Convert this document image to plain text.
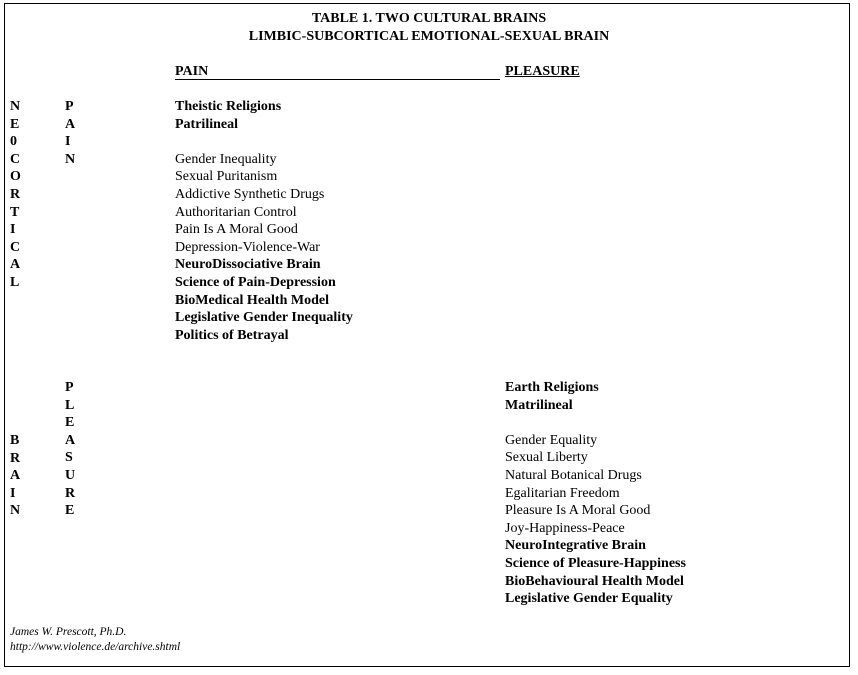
TABLE 1. TWO CULTURAL BRAINS
LIMBIC-SUBCORTICAL EMOTIONAL-SEXUAL BRAIN
PAIN	PLEASURE
N
E
0
C
O
R
T
I
C
A
L
P
A
I
N
Theistic Religions
Patrilineal
Gender Inequality
Sexual Puritanism
Addictive Synthetic Drugs
Authoritarian Control
Pain Is A Moral Good
Depression-Violence-War
NeuroDissociative Brain
Science of Pain-Depression
BioMedical Health Model
Legislative Gender Inequality
Politics of Betrayal
P
L
E
A
S
U
R
E
B
R
A
I
N
Earth Religions
Matrilineal
Gender Equality
Sexual Liberty
Natural Botanical Drugs
Egalitarian Freedom
Pleasure Is A Moral Good
Joy-Happiness-Peace
NeuroIntegrative Brain
Science of Pleasure-Happiness
BioBehavioural Health Model
Legislative Gender Equality
James W. Prescott, Ph.D.
http://www.violence.de/archive.shtml
